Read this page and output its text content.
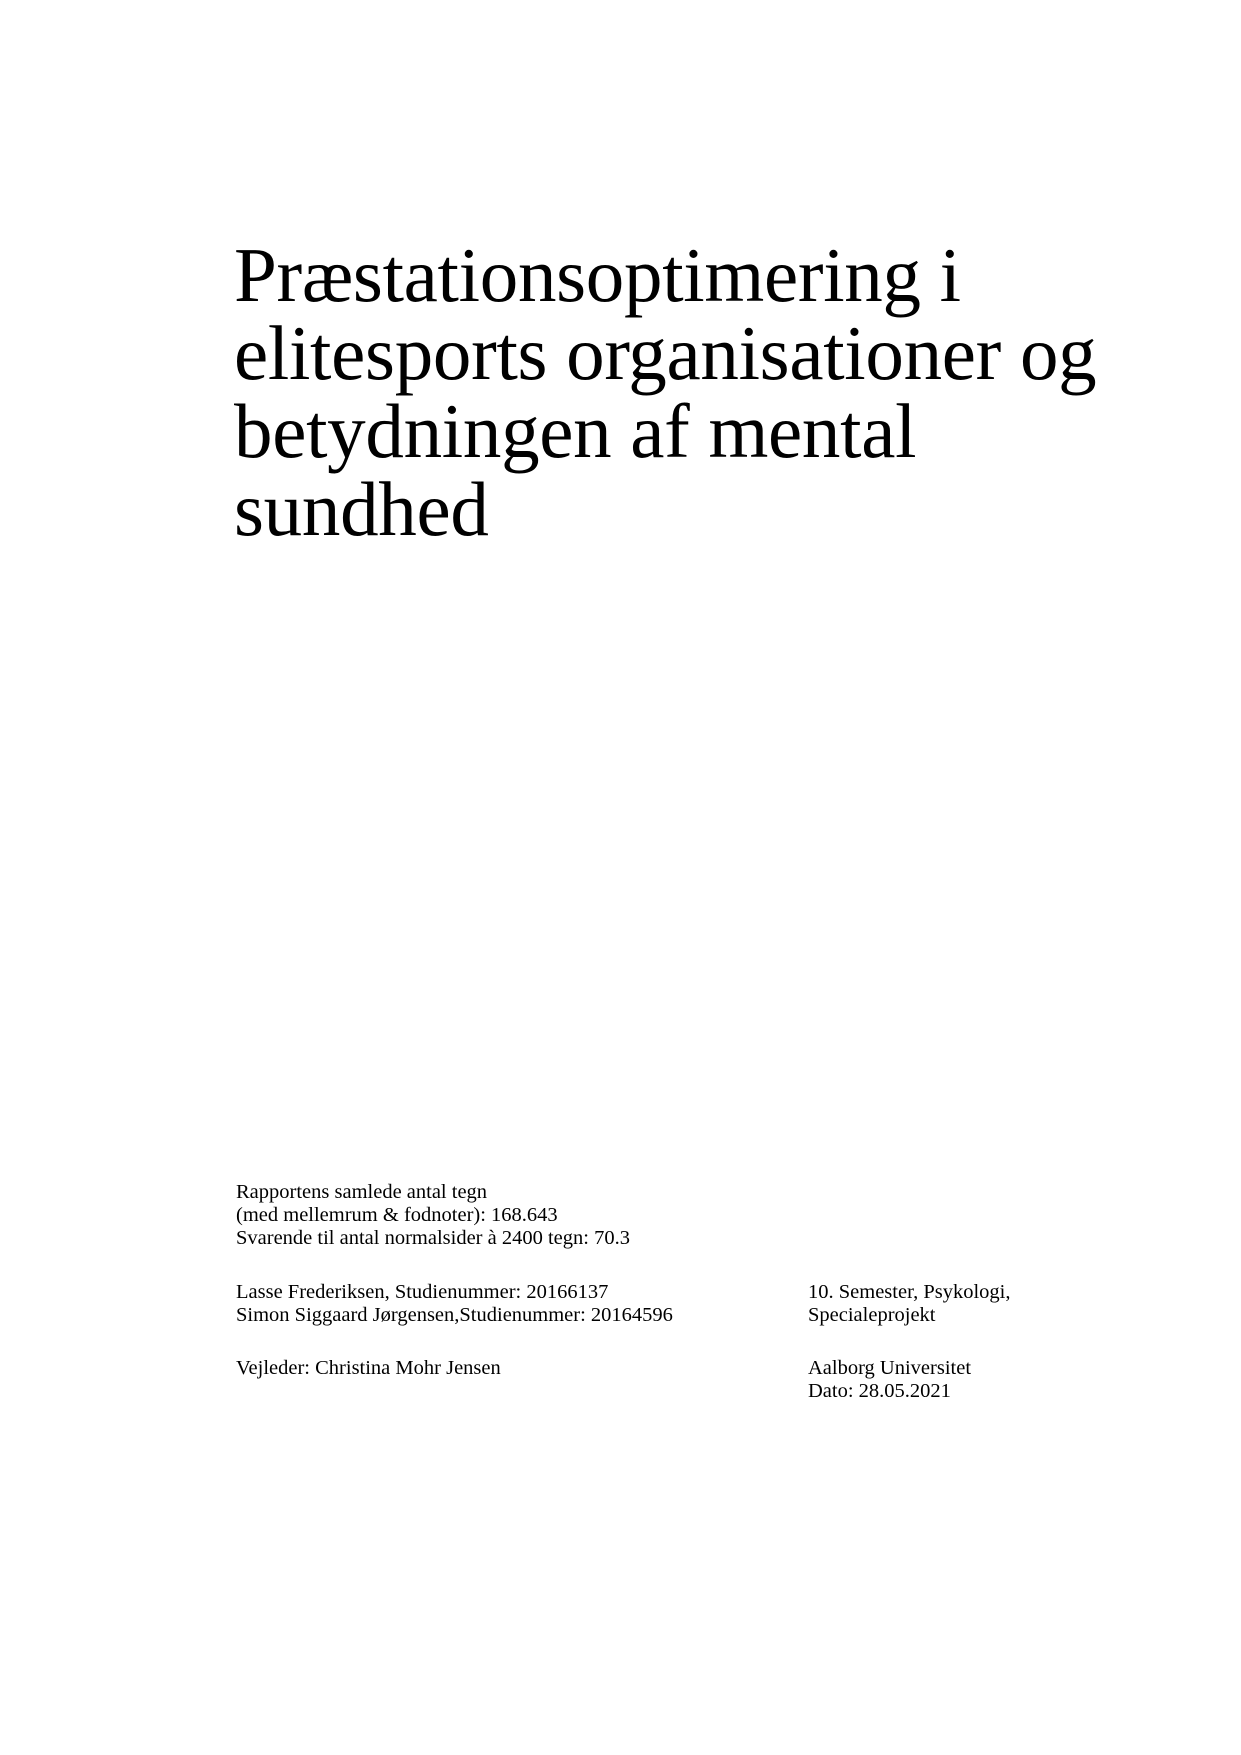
Præstationsoptimering i
elitesports organisationer og
betydningen af mental
sundhed
Rapportens samlede antal tegn
(med mellemrum & fodnoter): 168.643
Svarende til antal normalsider à 2400 tegn: 70.3
Lasse Frederiksen, Studienummer: 20166137
Simon Siggaard Jørgensen,Studienummer: 20164596
Vejleder: Christina Mohr Jensen
10. Semester, Psykologi,
Specialeprojekt
Aalborg Universitet
Dato: 28.05.2021
